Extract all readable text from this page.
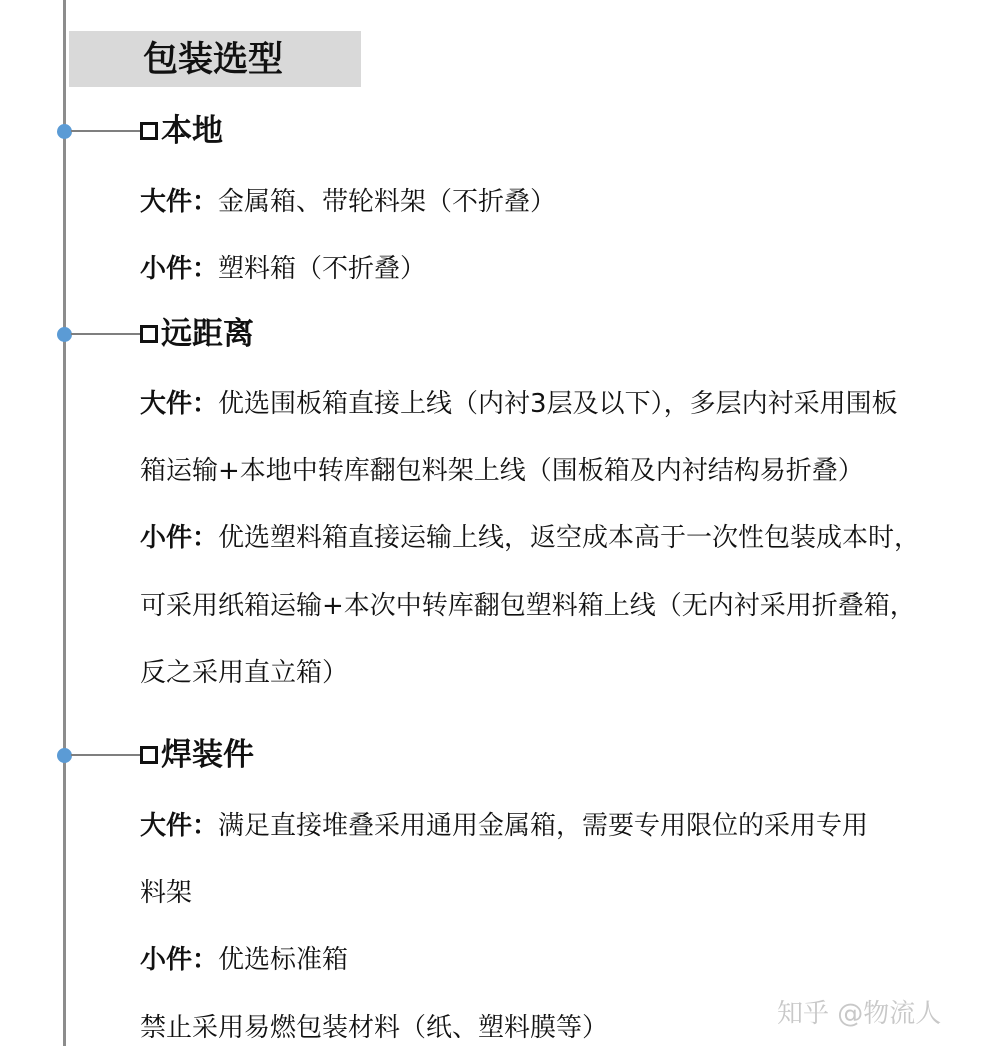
包装选型
本地
大件：金属箱、带轮料架（不折叠）
小件：塑料箱（不折叠）
远距离
大件：优选围板箱直接上线（内衬3层及以下），多层内衬采用围板
箱运输+本地中转库翻包料架上线（围板箱及内衬结构易折叠）
小件：优选塑料箱直接运输上线，返空成本高于一次性包装成本时，
可采用纸箱运输+本次中转库翻包塑料箱上线（无内衬采用折叠箱，
反之采用直立箱）
焊装件
大件：满足直接堆叠采用通用金属箱，需要专用限位的采用专用
料架
小件：优选标准箱
禁止采用易燃包装材料（纸、塑料膜等）	知乎 @物流人
